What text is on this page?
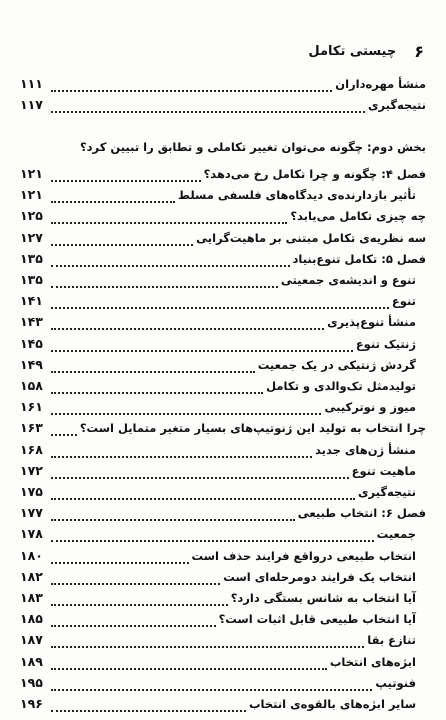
۶
چیستی تکامل
بخش دوم: چگونه می‌توان تغییر تکاملی و تطابق را تبیین کرد؟
منشأ مهره‌داران
۱۱۱
نتیجه‌گیری
۱۱۷
فصل ۴: چگونه و چرا تکامل رخ می‌دهد؟
۱۲۱
تأثیر بازدارنده‌ی دیدگاه‌های فلسفی مسلط
۱۲۱
چه چیزی تکامل می‌یابد؟
۱۲۵
سه نظریه‌ی تکامل مبتنی بر ماهیت‌گرایی
۱۲۷
فصل ۵: تکامل تنوع‌بنیاد
۱۳۵
تنوع و اندیشه‌ی جمعیتی
۱۳۵
تنوع
۱۴۱
منشأ تنوع‌پذیری
۱۴۳
ژنتیک تنوع
۱۴۵
گردش ژنتیکی در یک جمعیت
۱۴۹
تولیدمثل تک‌والدی و تکامل
۱۵۸
میوز و نوترکیبی
۱۶۱
چرا انتخاب به تولید این ژنوتیپ‌های بسیار متغیر متمایل است؟
۱۶۳
منشأ ژن‌های جدید
۱۶۸
ماهیت تنوع
۱۷۲
نتیجه‌گیری
۱۷۵
فصل ۶: انتخاب طبیعی
۱۷۷
جمعیت
۱۷۸
انتخاب طبیعی درواقع فرایند حذف است
۱۸۰
انتخاب یک فرایند دومرحله‌ای است
۱۸۲
آیا انتخاب به شانس بستگی دارد؟
۱۸۳
آیا انتخاب طبیعی قابل اثبات است؟
۱۸۵
تنازع بقا
۱۸۷
ابژه‌های انتخاب
۱۸۹
فنوتیپ
۱۹۵
سایر ابژه‌های بالقوه‌ی انتخاب
۱۹۶
